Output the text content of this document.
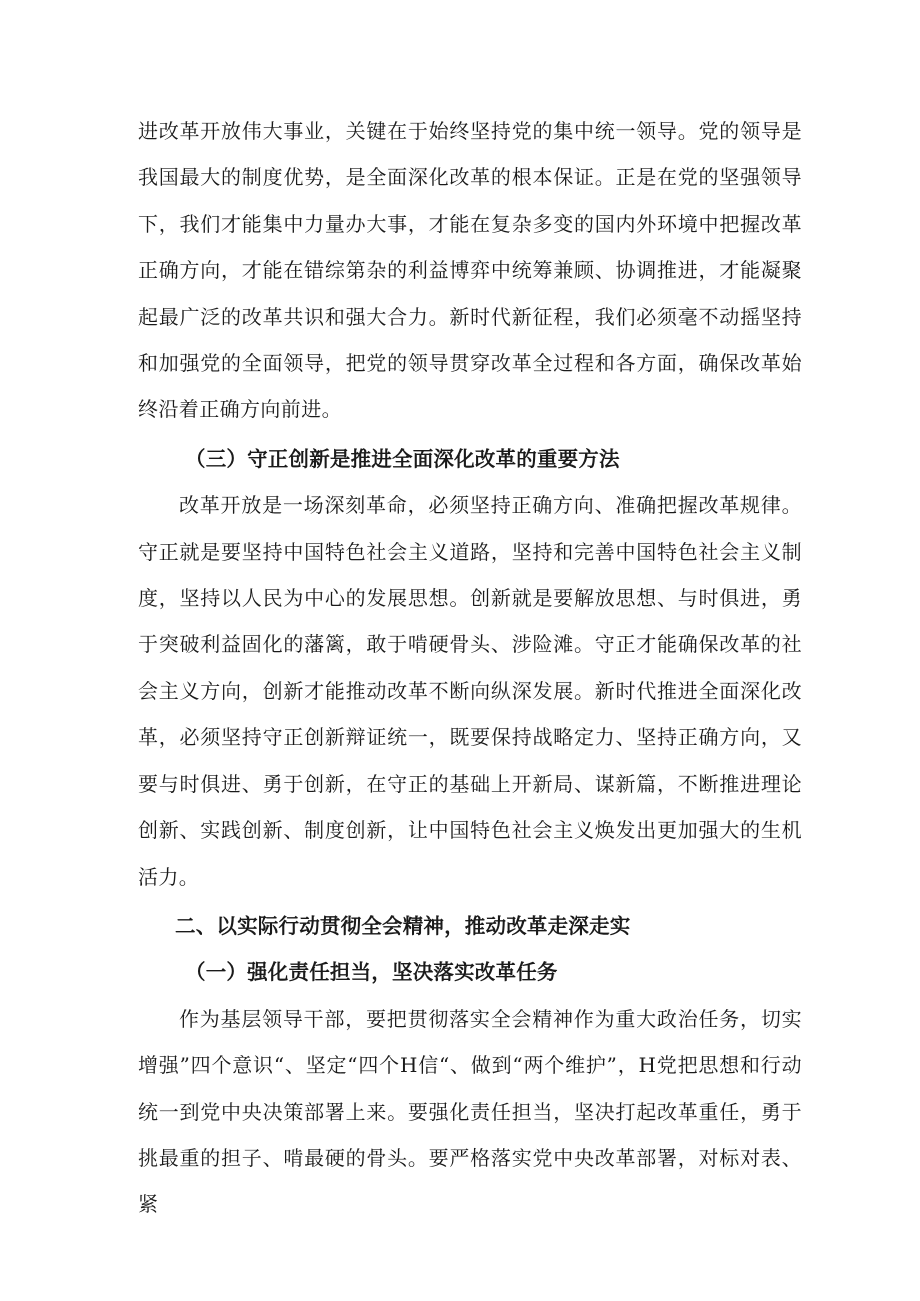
进改革开放伟大事业，关键在于始终坚持党的集中统一领导。党的领导是我国最大的制度优势，是全面深化改革的根本保证。正是在党的坚强领导下，我们才能集中力量办大事，才能在复杂多变的国内外环境中把握改革正确方向，才能在错综第杂的利益博弈中统筹兼顾、协调推进，才能凝聚起最广泛的改革共识和强大合力。新时代新征程，我们必须毫不动摇坚持和加强党的全面领导，把党的领导贯穿改革全过程和各方面，确保改革始终沿着正确方向前进。

（三）守正创新是推进全面深化改革的重要方法

改革开放是一场深刻革命，必须坚持正确方向、准确把握改革规律。守正就是要坚持中国特色社会主义道路，坚持和完善中国特色社会主义制度，坚持以人民为中心的发展思想。创新就是要解放思想、与时俱进，勇于突破利益固化的藩篱，敢于啃硬骨头、涉险滩。守正才能确保改革的社会主义方向，创新才能推动改革不断向纵深发展。新时代推进全面深化改革，必须坚持守正创新辩证统一，既要保持战略定力、坚持正确方向，又要与时俱进、勇于创新，在守正的基础上开新局、谋新篇，不断推进理论创新、实践创新、制度创新，让中国特色社会主义焕发出更加强大的生机活力。

二、以实际行动贯彻全会精神，推动改革走深走实
（一）强化责任担当，坚决落实改革任务

作为基层领导干部，要把贯彻落实全会精神作为重大政治任务，切实增强”四个意识“、坚定“四个H信“、做到“两个维护”，H党把思想和行动统一到党中央决策部署上来。要强化责任担当，坚决打起改革重任，勇于挑最重的担子、啃最硬的骨头。要严格落实党中央改革部署，对标对表、紧
